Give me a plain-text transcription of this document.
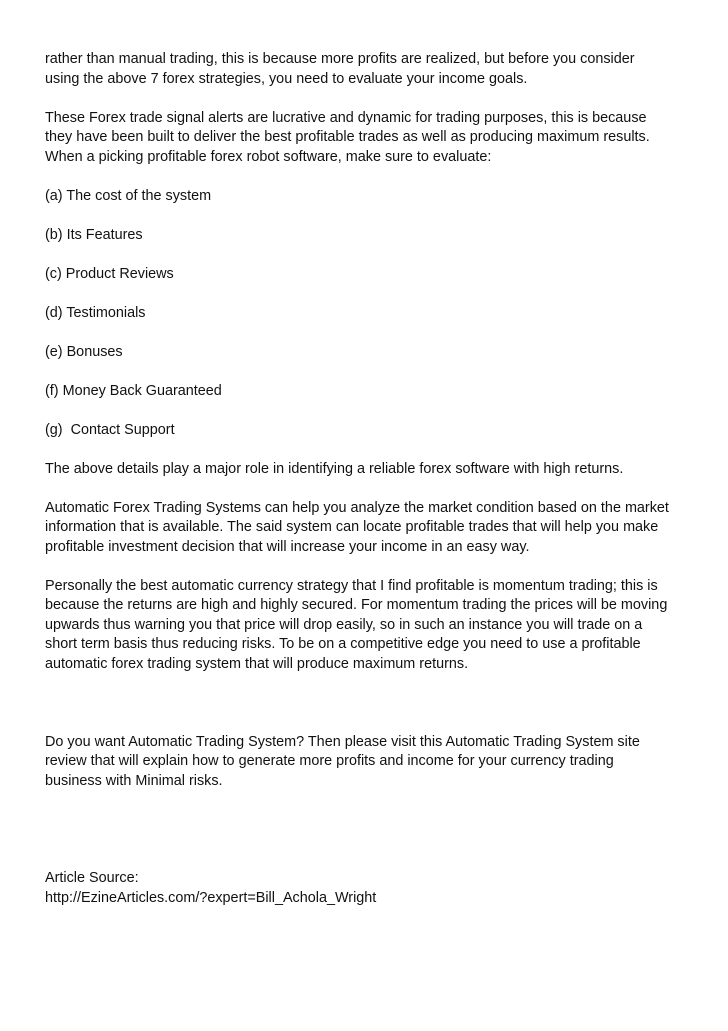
rather than manual trading, this is because more profits are realized, but before you consider
using the above 7 forex strategies, you need to evaluate your income goals.

These Forex trade signal alerts are lucrative and dynamic for trading purposes, this is because
they have been built to deliver the best profitable trades as well as producing maximum results.
When a picking profitable forex robot software, make sure to evaluate:

(a) The cost of the system

(b) Its Features

(c) Product Reviews

(d) Testimonials

(e) Bonuses

(f) Money Back Guaranteed

(g)  Contact Support

The above details play a major role in identifying a reliable forex software with high returns.

Automatic Forex Trading Systems can help you analyze the market condition based on the market
information that is available. The said system can locate profitable trades that will help you make
profitable investment decision that will increase your income in an easy way.

Personally the best automatic currency strategy that I find profitable is momentum trading; this is
because the returns are high and highly secured. For momentum trading the prices will be moving
upwards thus warning you that price will drop easily, so in such an instance you will trade on a
short term basis thus reducing risks. To be on a competitive edge you need to use a profitable
automatic forex trading system that will produce maximum returns.

Do you want Automatic Trading System? Then please visit this Automatic Trading System site
review that will explain how to generate more profits and income for your currency trading
business with Minimal risks.

Article Source:
http://EzineArticles.com/?expert=Bill_Achola_Wright
